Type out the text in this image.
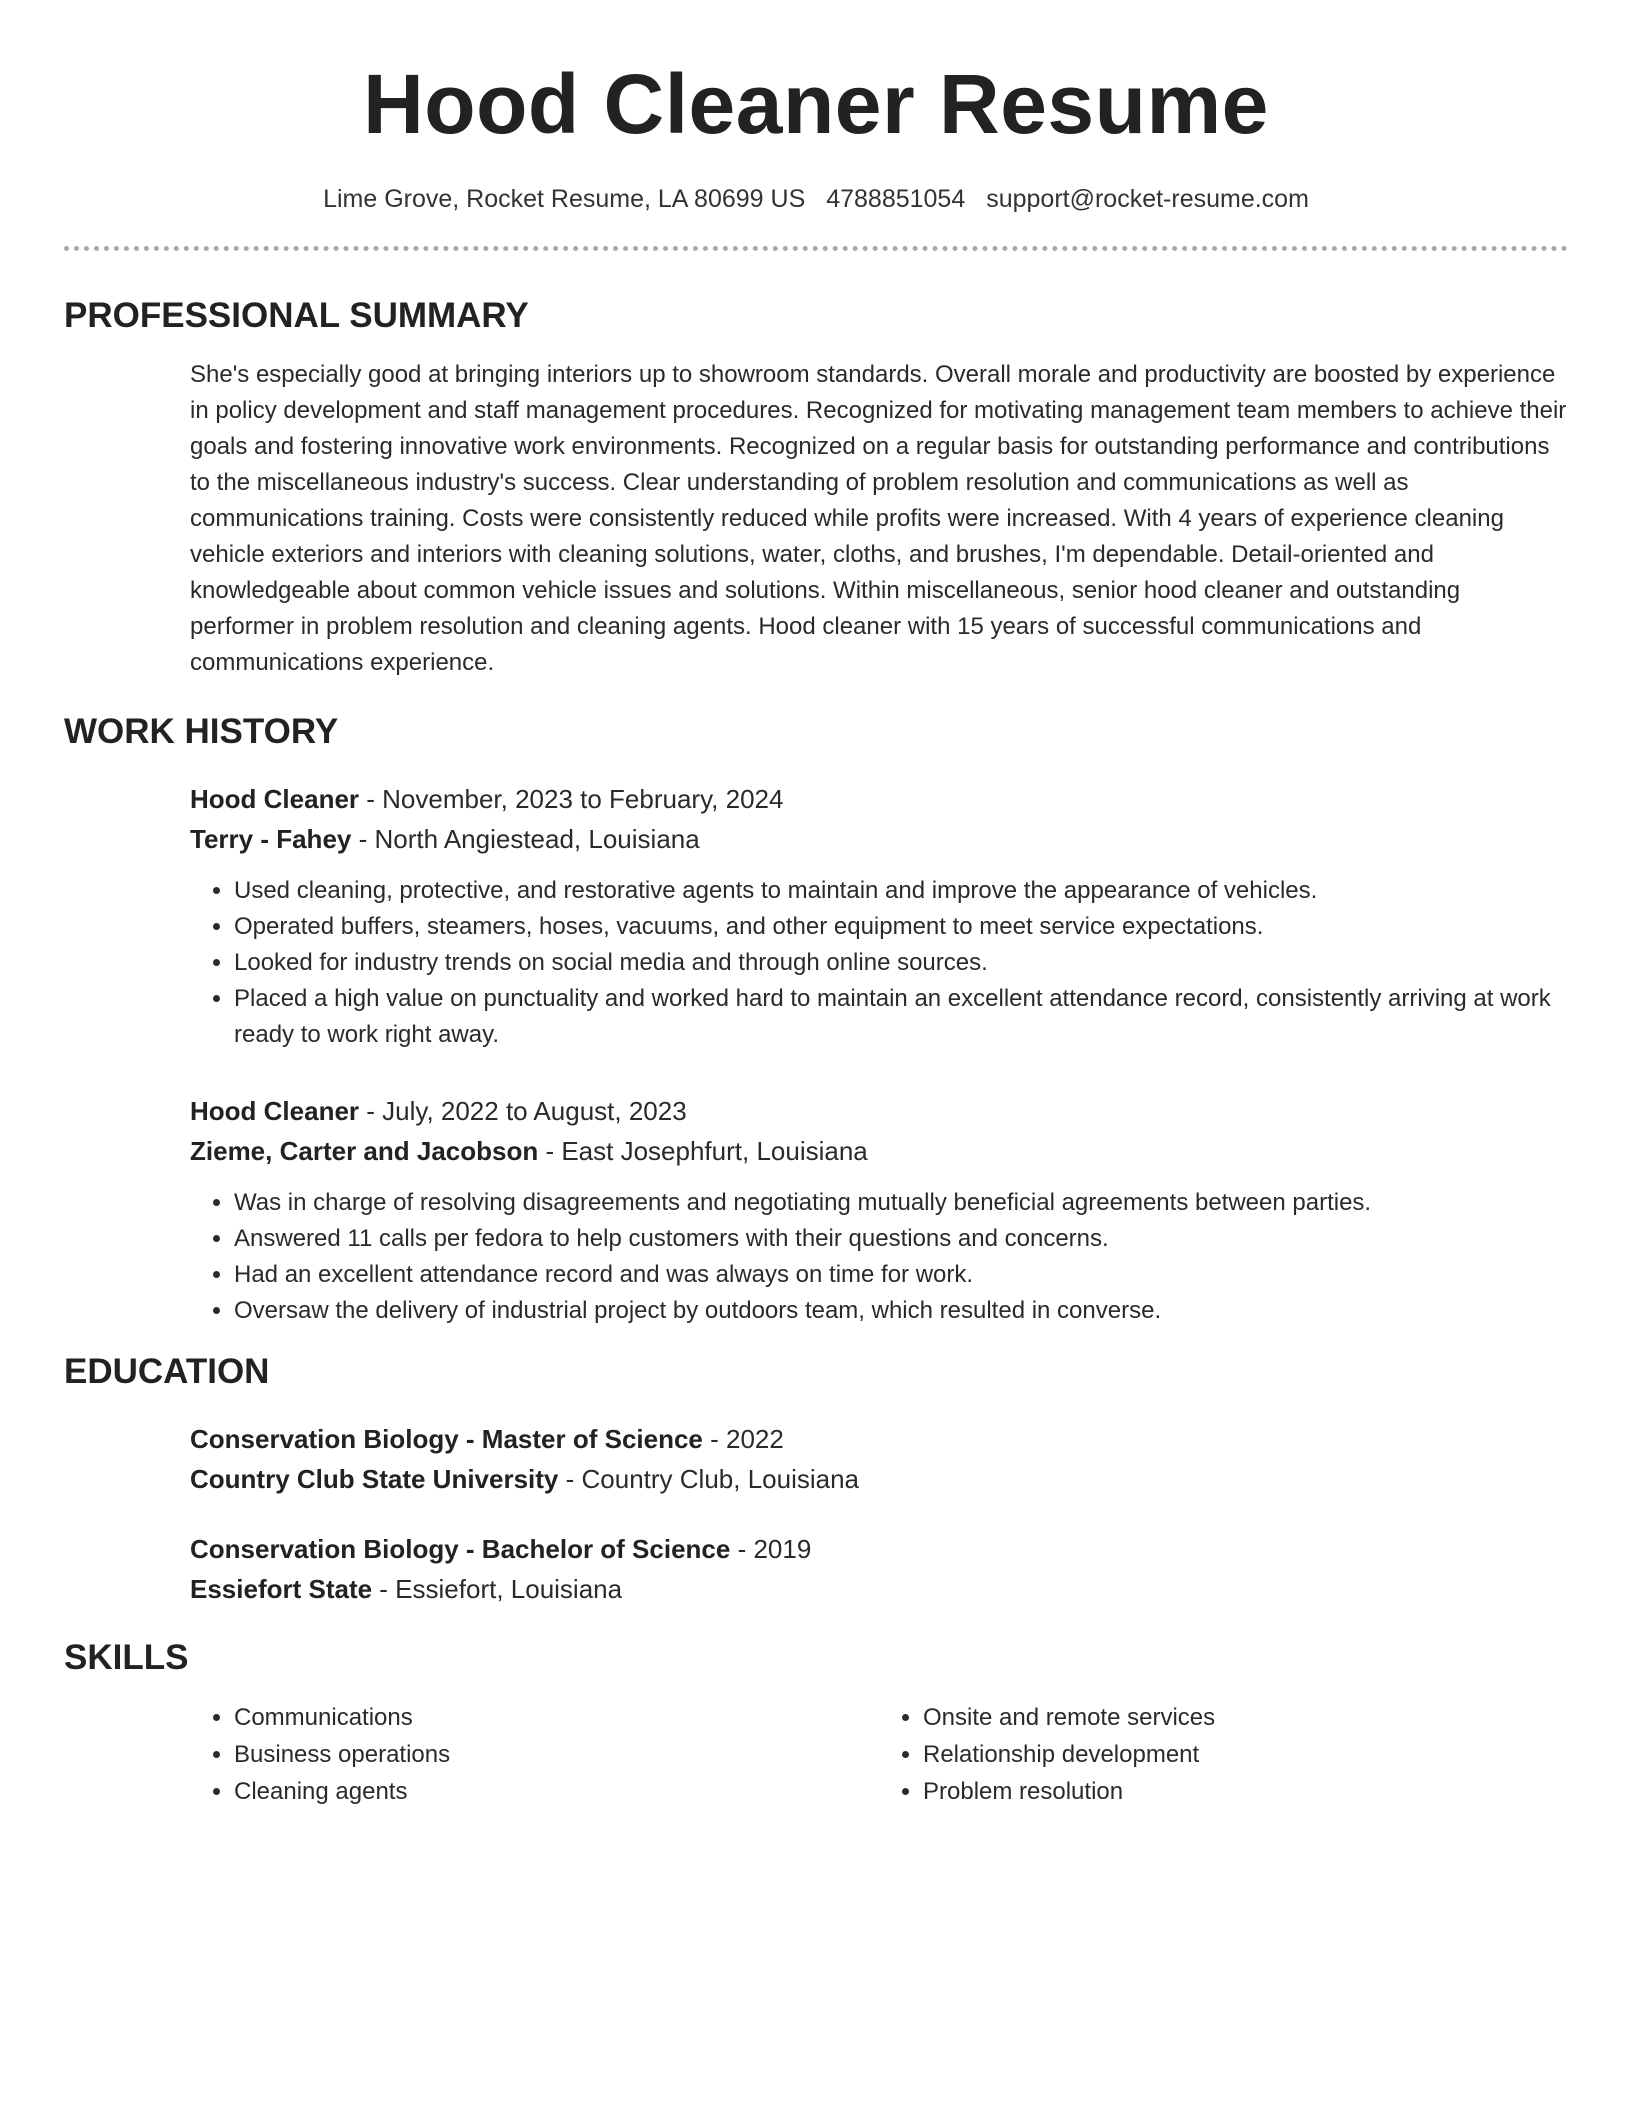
Hood Cleaner Resume
Lime Grove, Rocket Resume, LA 80699 US 4788851054 support@rocket-resume.com
PROFESSIONAL SUMMARY
She's especially good at bringing interiors up to showroom standards. Overall morale and productivity are boosted by experience in policy development and staff management procedures. Recognized for motivating management team members to achieve their goals and fostering innovative work environments. Recognized on a regular basis for outstanding performance and contributions to the miscellaneous industry's success. Clear understanding of problem resolution and communications as well as communications training. Costs were consistently reduced while profits were increased. With 4 years of experience cleaning vehicle exteriors and interiors with cleaning solutions, water, cloths, and brushes, I'm dependable. Detail-oriented and knowledgeable about common vehicle issues and solutions. Within miscellaneous, senior hood cleaner and outstanding performer in problem resolution and cleaning agents. Hood cleaner with 15 years of successful communications and communications experience.
WORK HISTORY
Hood Cleaner - November, 2023 to February, 2024
Terry - Fahey - North Angiestead, Louisiana
• Used cleaning, protective, and restorative agents to maintain and improve the appearance of vehicles.
• Operated buffers, steamers, hoses, vacuums, and other equipment to meet service expectations.
• Looked for industry trends on social media and through online sources.
• Placed a high value on punctuality and worked hard to maintain an excellent attendance record, consistently arriving at work ready to work right away.
Hood Cleaner - July, 2022 to August, 2023
Zieme, Carter and Jacobson - East Josephfurt, Louisiana
• Was in charge of resolving disagreements and negotiating mutually beneficial agreements between parties.
• Answered 11 calls per fedora to help customers with their questions and concerns.
• Had an excellent attendance record and was always on time for work.
• Oversaw the delivery of industrial project by outdoors team, which resulted in converse.
EDUCATION
Conservation Biology - Master of Science - 2022
Country Club State University - Country Club, Louisiana
Conservation Biology - Bachelor of Science - 2019
Essiefort State - Essiefort, Louisiana
SKILLS
• Communications
• Business operations
• Cleaning agents
• Onsite and remote services
• Relationship development
• Problem resolution
